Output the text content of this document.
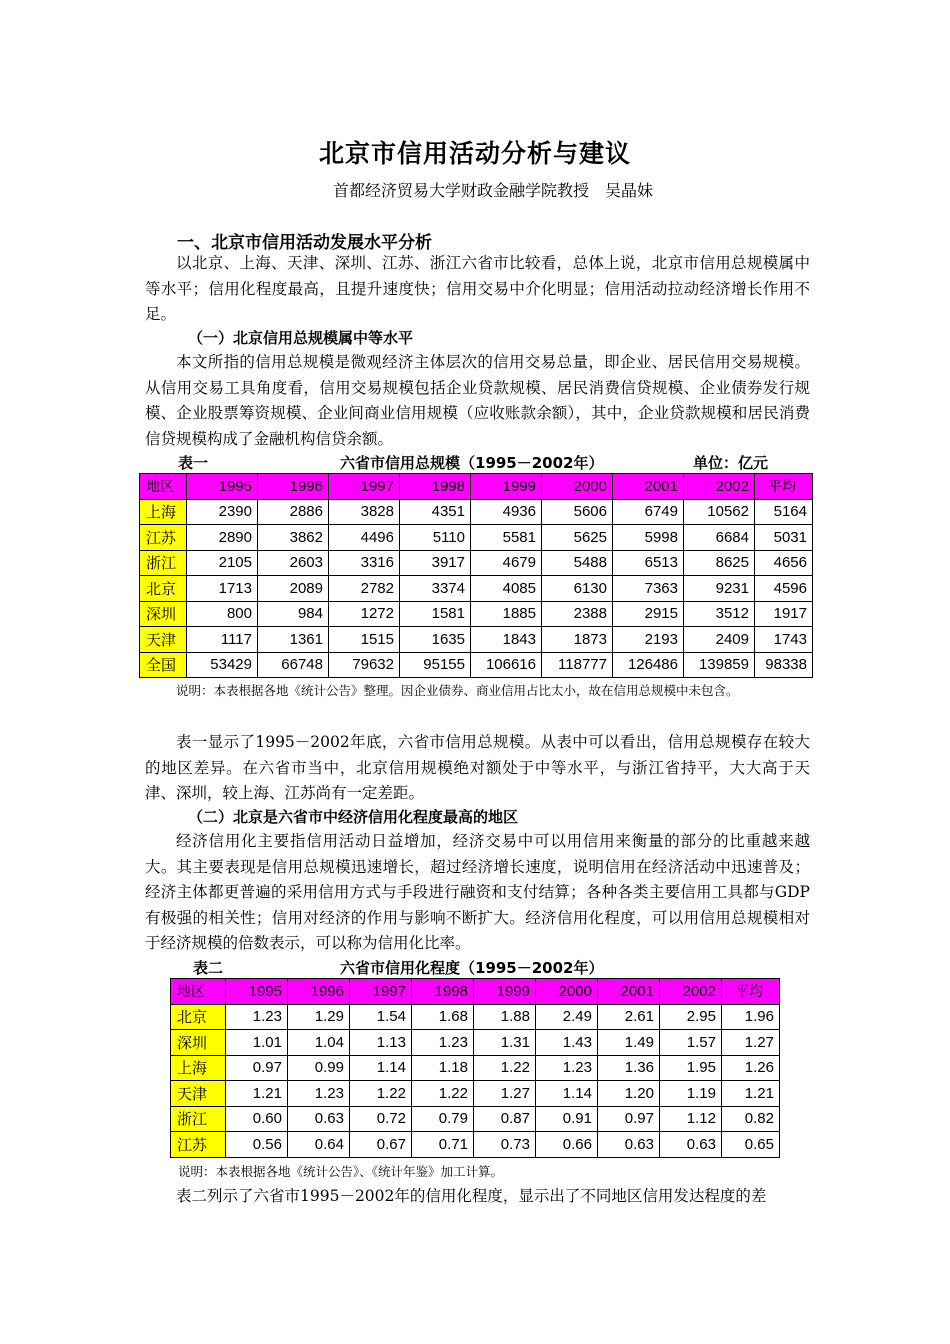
北京市信用活动分析与建议
首都经济贸易大学财政金融学院教授　吴晶妹
一、北京市信用活动发展水平分析

以北京、上海、天津、深圳、江苏、浙江六省市比较看，总体上说，北京市信用总规模属中等水平；信用化程度最高，且提升速度快；信用交易中介化明显；信用活动拉动经济增长作用不足。

（一）北京信用总规模属中等水平

本文所指的信用总规模是微观经济主体层次的信用交易总量，即企业、居民信用交易规模。从信用交易工具角度看，信用交易规模包括企业贷款规模、居民消费信贷规模、企业债券发行规模、企业股票筹资规模、企业间商业信用规模（应收账款余额），其中，企业贷款规模和居民消费信贷规模构成了金融机构信贷余额。

表一	六省市信用总规模（1995－2002年）	单位：亿元
地区	1995	1996	1997	1998	1999	2000	2001	2002	平均
上海	2390	2886	3828	4351	4936	5606	6749	10562	5164
江苏	2890	3862	4496	5110	5581	5625	5998	6684	5031
浙江	2105	2603	3316	3917	4679	5488	6513	8625	4656
北京	1713	2089	2782	3374	4085	6130	7363	9231	4596
深圳	800	984	1272	1581	1885	2388	2915	3512	1917
天津	1117	1361	1515	1635	1843	1873	2193	2409	1743
全国	53429	66748	79632	95155	106616	118777	126486	139859	98338

说明：本表根据各地《统计公告》整理。因企业债券、商业信用占比太小，故在信用总规模中未包含。

表一显示了1995－2002年底，六省市信用总规模。从表中可以看出，信用总规模存在较大的地区差异。在六省市当中，北京信用规模绝对额处于中等水平，与浙江省持平，大大高于天津、深圳，较上海、江苏尚有一定差距。

（二）北京是六省市中经济信用化程度最高的地区

经济信用化主要指信用活动日益增加，经济交易中可以用信用来衡量的部分的比重越来越大。其主要表现是信用总规模迅速增长，超过经济增长速度，说明信用在经济活动中迅速普及；经济主体都更普遍的采用信用方式与手段进行融资和支付结算；各种各类主要信用工具都与GDP有极强的相关性；信用对经济的作用与影响不断扩大。经济信用化程度，可以用信用总规模相对于经济规模的倍数表示，可以称为信用化比率。

表二	六省市信用化程度（1995－2002年）
地区	1995	1996	1997	1998	1999	2000	2001	2002	平均
北京	1.23	1.29	1.54	1.68	1.88	2.49	2.61	2.95	1.96
深圳	1.01	1.04	1.13	1.23	1.31	1.43	1.49	1.57	1.27
上海	0.97	0.99	1.14	1.18	1.22	1.23	1.36	1.95	1.26
天津	1.21	1.23	1.22	1.22	1.27	1.14	1.20	1.19	1.21
浙江	0.60	0.63	0.72	0.79	0.87	0.91	0.97	1.12	0.82
江苏	0.56	0.64	0.67	0.71	0.73	0.66	0.63	0.63	0.65

说明：本表根据各地《统计公告》、《统计年鉴》加工计算。

表二列示了六省市1995－2002年的信用化程度，显示出了不同地区信用发达程度的差
